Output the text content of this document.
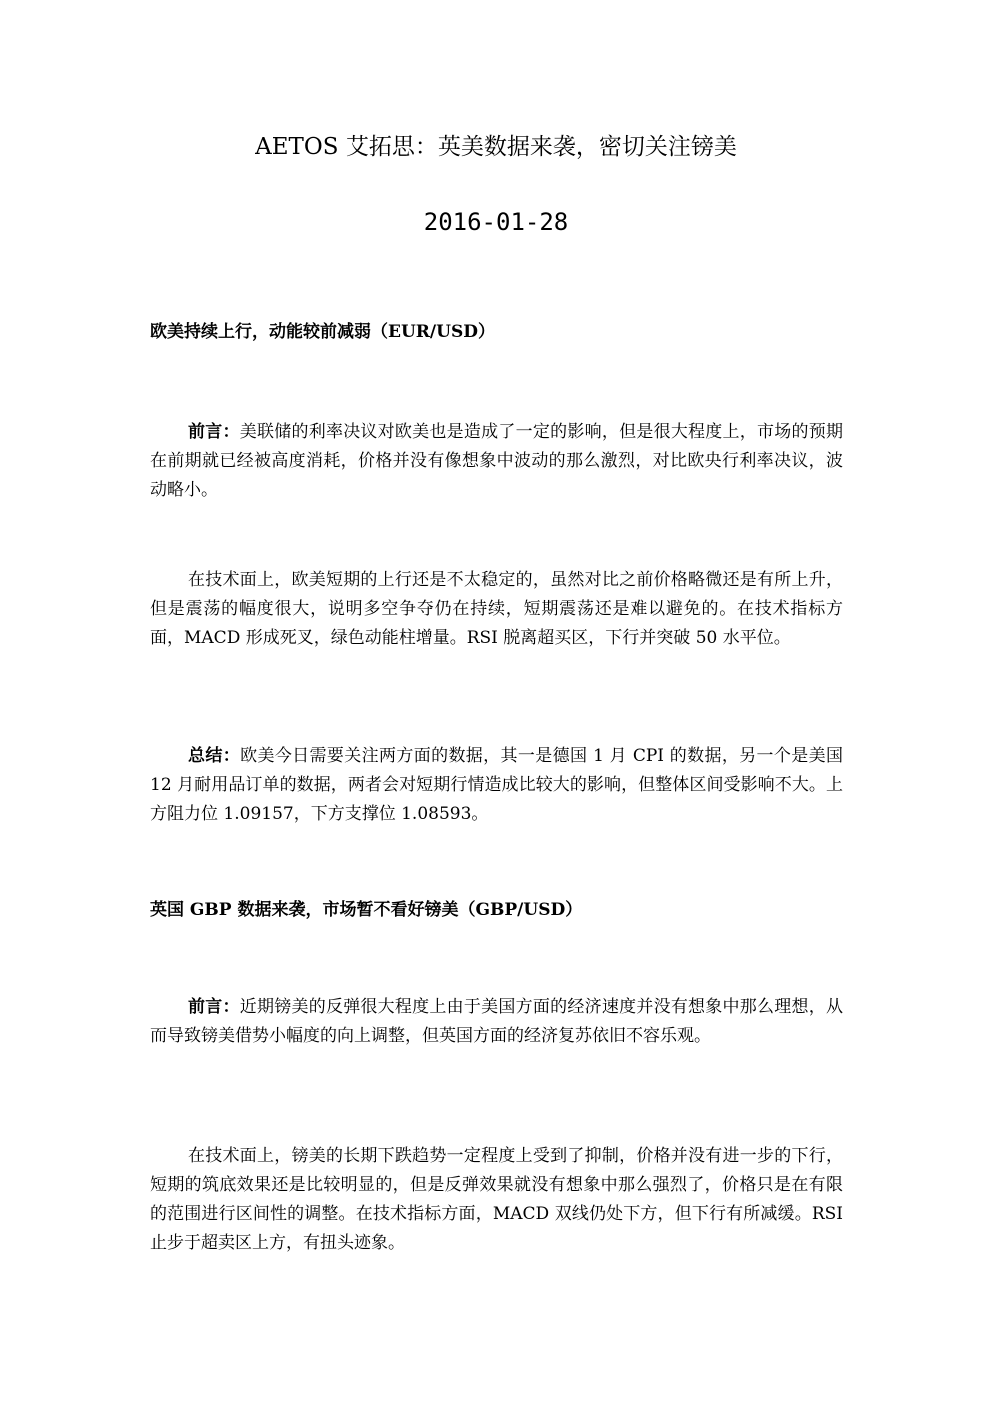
AETOS 艾拓思：英美数据来袭，密切关注镑美
2016-01-28
欧美持续上行，动能较前减弱（EUR/USD）

前言：美联储的利率决议对欧美也是造成了一定的影响，但是很大程度上，市场的预期在前期就已经被高度消耗，价格并没有像想象中波动的那么激烈，对比欧央行利率决议，波动略小。

在技术面上，欧美短期的上行还是不太稳定的，虽然对比之前价格略微还是有所上升，但是震荡的幅度很大，说明多空争夺仍在持续，短期震荡还是难以避免的。在技术指标方面，MACD 形成死叉，绿色动能柱增量。RSI 脱离超买区，下行并突破 50 水平位。

总结：欧美今日需要关注两方面的数据，其一是德国 1 月 CPI 的数据，另一个是美国 12 月耐用品订单的数据，两者会对短期行情造成比较大的影响，但整体区间受影响不大。上方阻力位 1.09157，下方支撑位 1.08593。

英国 GBP 数据来袭，市场暂不看好镑美（GBP/USD）

前言：近期镑美的反弹很大程度上由于美国方面的经济速度并没有想象中那么理想，从而导致镑美借势小幅度的向上调整，但英国方面的经济复苏依旧不容乐观。

在技术面上，镑美的长期下跌趋势一定程度上受到了抑制，价格并没有进一步的下行，短期的筑底效果还是比较明显的，但是反弹效果就没有想象中那么强烈了，价格只是在有限的范围进行区间性的调整。在技术指标方面，MACD 双线仍处下方，但下行有所减缓。RSI 止步于超卖区上方，有扭头迹象。
